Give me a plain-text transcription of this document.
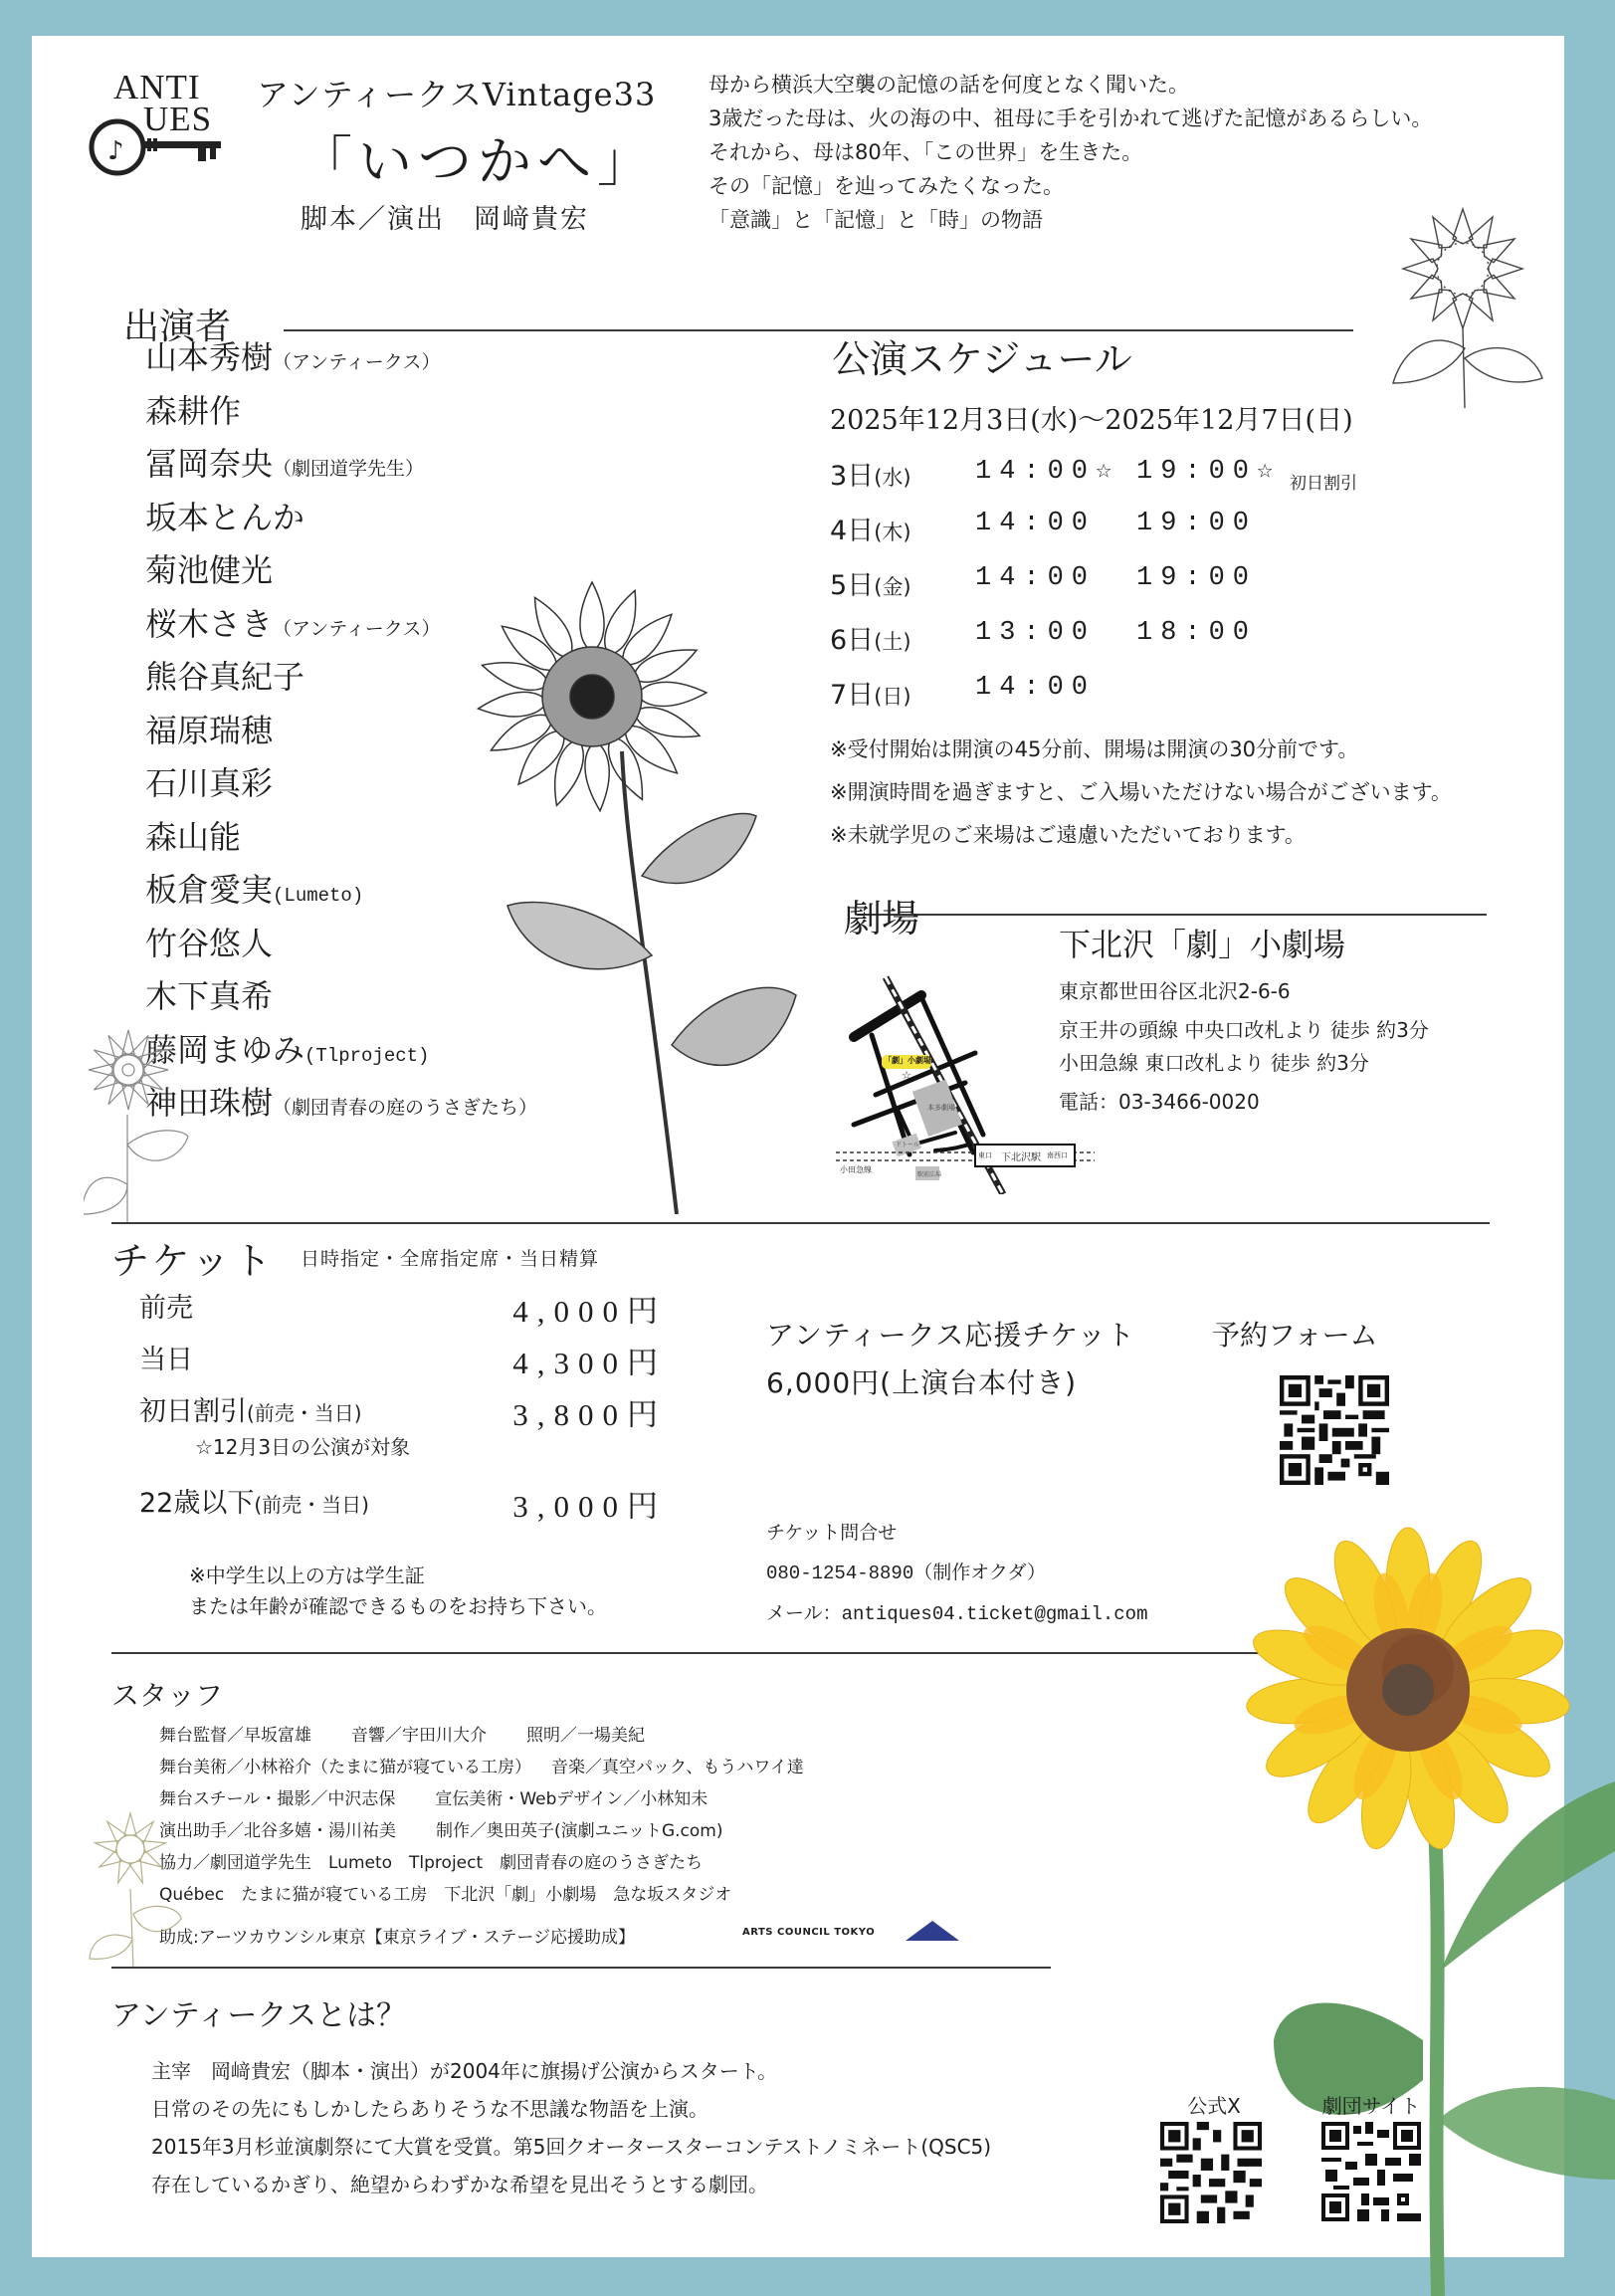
ANTI
UES
♪
アンティークスVintage33
「いつかへ」
脚本／演出　岡﨑貴宏
母から横浜大空襲の記憶の話を何度となく聞いた。
3歳だった母は、火の海の中、祖母に手を引かれて逃げた記憶があるらしい。
それから、母は80年、「この世界」を生きた。
その「記憶」を辿ってみたくなった。
「意識」と「記憶」と「時」の物語
出演者
山本秀樹（アンティークス）
森耕作
冨岡奈央（劇団道学先生）
坂本とんか
菊池健光
桜木さき（アンティークス）
熊谷真紀子
福原瑞穂
石川真彩
森山能
板倉愛実(Lumeto)
竹谷悠人
木下真希
藤岡まゆみ(Tlproject)
神田珠樹（劇団青春の庭のうさぎたち）
公演スケジュール
2025年12月3日(水)～2025年12月7日(日)
3日(水)	14:00☆ 19:00☆ 初日割引
4日(木)	14:00	19:00
5日(金)	14:00	19:00
6日(土)	13:00	18:00
7日(日)	14:00
※受付開始は開演の45分前、開場は開演の30分前です。
※開演時間を過ぎますと、ご入場いただけない場合がございます。
※未就学児のご来場はご遠慮いただいております。
劇場
下北沢「劇」小劇場
東京都世田谷区北沢2-6-6
京王井の頭線 中央口改札より 徒歩 約3分
小田急線 東口改札より 徒歩 約3分
電話：03-3466-0020
☆
「劇」小劇場
下北沢駅
東口	南西口
小田急線
本多劇場
ドトール
駅前広場
チケット 日時指定・全席指定席・当日精算
前売	4,000円
当日	4,300円
初日割引(前売・当日)	3,800円
☆12月3日の公演が対象
22歳以下(前売・当日)	3,000円
※中学生以上の方は学生証
または年齢が確認できるものをお持ち下さい。
アンティークス応援チケット
6,000円(上演台本付き)
予約フォーム
チケット問合せ
080-1254-8890（制作オクダ）
メール：antiques04.ticket@gmail.com
スタッフ
舞台監督／早坂富雄 音響／宇田川大介 照明／一場美紀
舞台美術／小林裕介（たまに猫が寝ている工房） 音楽／真空パック、もうハワイ達
舞台スチール・撮影／中沢志保 宣伝美術・Webデザイン／小林知未
演出助手／北谷多嬉・湯川祐美 制作／奥田英子(演劇ユニットG.com)
協力／劇団道学先生　Lumeto　Tlproject　劇団青春の庭のうさぎたち
Québec　たまに猫が寝ている工房　下北沢「劇」小劇場　急な坂スタジオ
助成:アーツカウンシル東京【東京ライブ・ステージ応援助成】	ARTS COUNCIL TOKYO
アンティークスとは？
主宰　岡﨑貴宏（脚本・演出）が2004年に旗揚げ公演からスタート。
日常のその先にもしかしたらありそうな不思議な物語を上演。
2015年3月杉並演劇祭にて大賞を受賞。第5回クオータースターコンテストノミネート(QSC5)
存在しているかぎり、絶望からわずかな希望を見出そうとする劇団。
公式X	劇団サイト
